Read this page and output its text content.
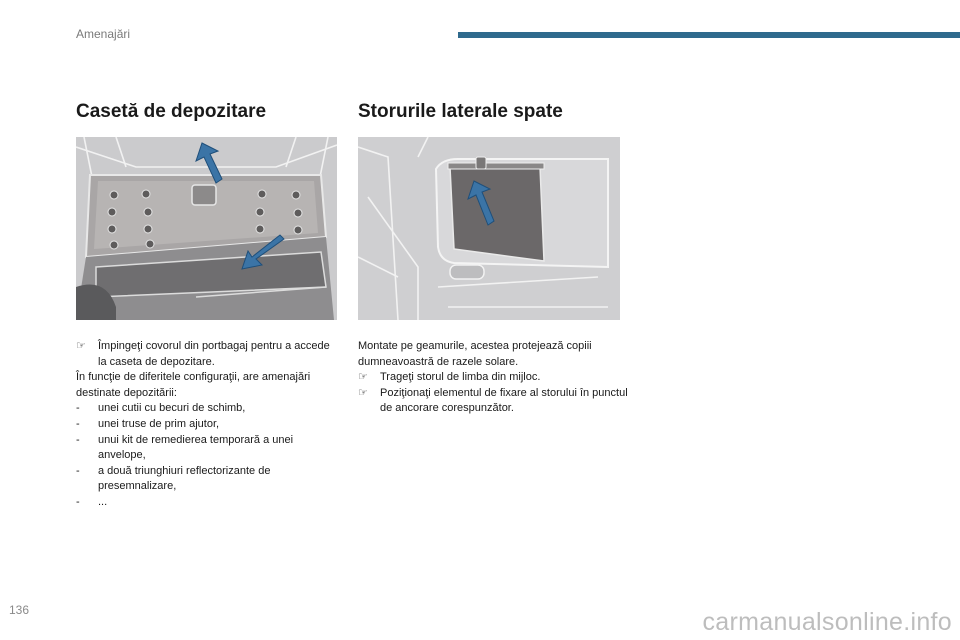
Amenajări
Casetă de depozitare	Storurile laterale spate
☞	Împingeţi covorul din portbagaj pentru a accede la caseta de depozitare.
În funcţie de diferitele configuraţii, are amenajări destinate depozitării:
-	unei cutii cu becuri de schimb,
-	unei truse de prim ajutor,
-	unui kit de remedierea temporară a unei anvelope,
-	a două triunghiuri reflectorizante de presemnalizare,
-	...
Montate pe geamurile, acestea protejează copiii dumneavoastră de razele solare.
☞	Trageţi storul de limba din mijloc.
☞	Poziţionaţi elementul de fixare al storului în punctul de ancorare corespunzător.
136	carmanualsonline.info
